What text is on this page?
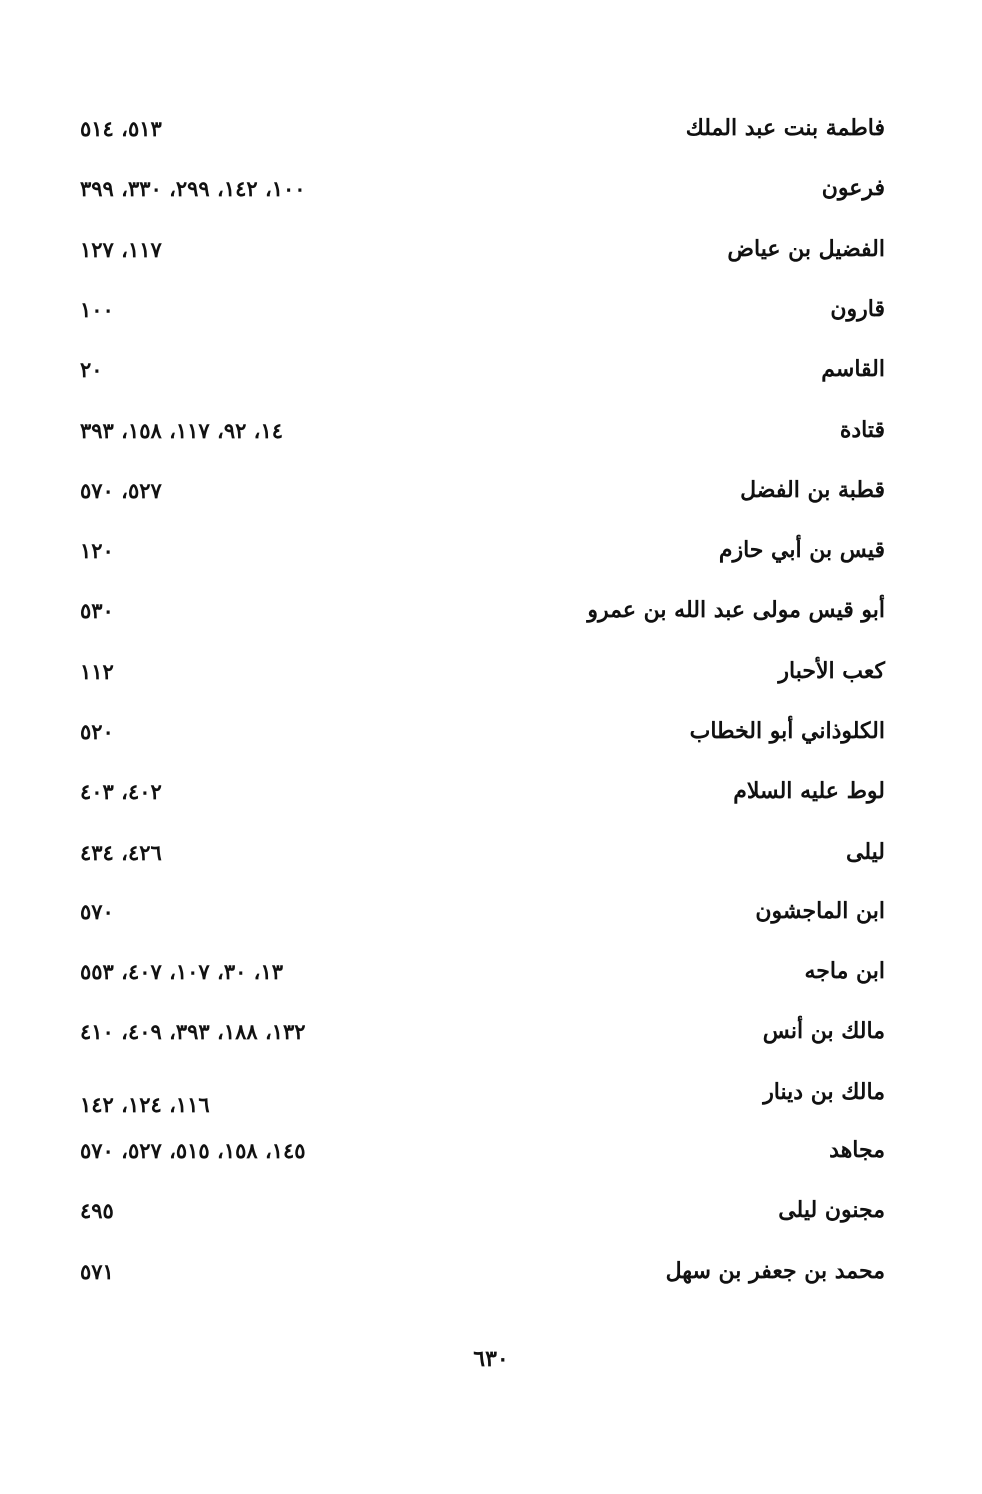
٥١٣، ٥١٤	فاطمة بنت عبد الملك
١٠٠، ١٤٢، ٢٩٩، ٣٣٠، ٣٩٩	فرعون
١١٧، ١٢٧	الفضيل بن عياض
١٠٠	قارون
٢٠	القاسم
١٤، ٩٢، ١١٧، ١٥٨، ٣٩٣	قتادة
٥٢٧، ٥٧٠	قطبة بن الفضل
١٢٠	قيس بن أبي حازم
٥٣٠	أبو قيس مولى عبد الله بن عمرو
١١٢	كعب الأحبار
٥٢٠	الكلوذاني أبو الخطاب
٤٠٢، ٤٠٣	لوط عليه السلام
٤٢٦، ٤٣٤	ليلى
٥٧٠	ابن الماجشون
١٣، ٣٠، ١٠٧، ٤٠٧، ٥٥٣	ابن ماجه
١٣٢، ١٨٨، ٣٩٣، ٤٠٩، ٤١٠	مالك بن أنس
١١٦، ١٢٤، ١٤٢	مالك بن دينار
١٤٥، ١٥٨، ٥١٥، ٥٢٧، ٥٧٠	مجاهد
٤٩٥	مجنون ليلى
٥٧١	محمد بن جعفر بن سهل
٦٣٠
